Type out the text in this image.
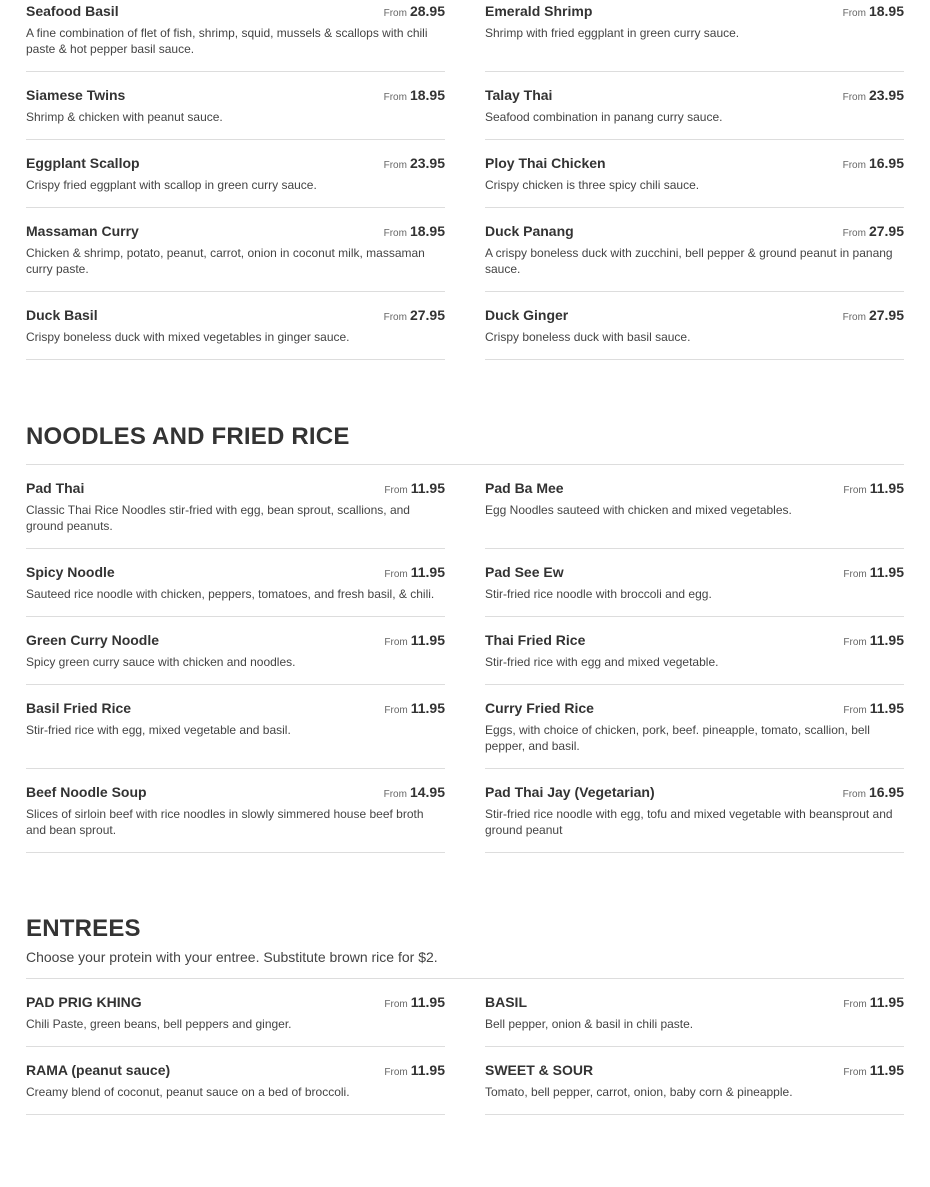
Seafood Basil	From 28.95
A fine combination of flet of fish, shrimp, squid, mussels & scallops with chili paste & hot pepper basil sauce.
Emerald Shrimp	From 18.95
Shrimp with fried eggplant in green curry sauce.
Siamese Twins	From 18.95
Shrimp & chicken with peanut sauce.
Talay Thai	From 23.95
Seafood combination in panang curry sauce.
Eggplant Scallop	From 23.95
Crispy fried eggplant with scallop in green curry sauce.
Ploy Thai Chicken	From 16.95
Crispy chicken is three spicy chili sauce.
Massaman Curry	From 18.95
Chicken & shrimp, potato, peanut, carrot, onion in coconut milk, massaman curry paste.
Duck Panang	From 27.95
A crispy boneless duck with zucchini, bell pepper & ground peanut in panang sauce.
Duck Basil	From 27.95
Crispy boneless duck with mixed vegetables in ginger sauce.
Duck Ginger	From 27.95
Crispy boneless duck with basil sauce.
NOODLES AND FRIED RICE
Pad Thai	From 11.95
Classic Thai Rice Noodles stir-fried with egg, bean sprout, scallions, and ground peanuts.
Pad Ba Mee	From 11.95
Egg Noodles sauteed with chicken and mixed vegetables.
Spicy Noodle	From 11.95
Sauteed rice noodle with chicken, peppers, tomatoes, and fresh basil, & chili.
Pad See Ew	From 11.95
Stir-fried rice noodle with broccoli and egg.
Green Curry Noodle	From 11.95
Spicy green curry sauce with chicken and noodles.
Thai Fried Rice	From 11.95
Stir-fried rice with egg and mixed vegetable.
Basil Fried Rice	From 11.95
Stir-fried rice with egg, mixed vegetable and basil.
Curry Fried Rice	From 11.95
Eggs, with choice of chicken, pork, beef. pineapple, tomato, scallion, bell pepper, and basil.
Beef Noodle Soup	From 14.95
Slices of sirloin beef with rice noodles in slowly simmered house beef broth and bean sprout.
Pad Thai Jay (Vegetarian)	From 16.95
Stir-fried rice noodle with egg, tofu and mixed vegetable with beansprout and ground peanut
ENTREES
Choose your protein with your entree. Substitute brown rice for $2.
PAD PRIG KHING	From 11.95
Chili Paste, green beans, bell peppers and ginger.
BASIL	From 11.95
Bell pepper, onion & basil in chili paste.
RAMA (peanut sauce)	From 11.95
Creamy blend of coconut, peanut sauce on a bed of broccoli.
SWEET & SOUR	From 11.95
Tomato, bell pepper, carrot, onion, baby corn & pineapple.
